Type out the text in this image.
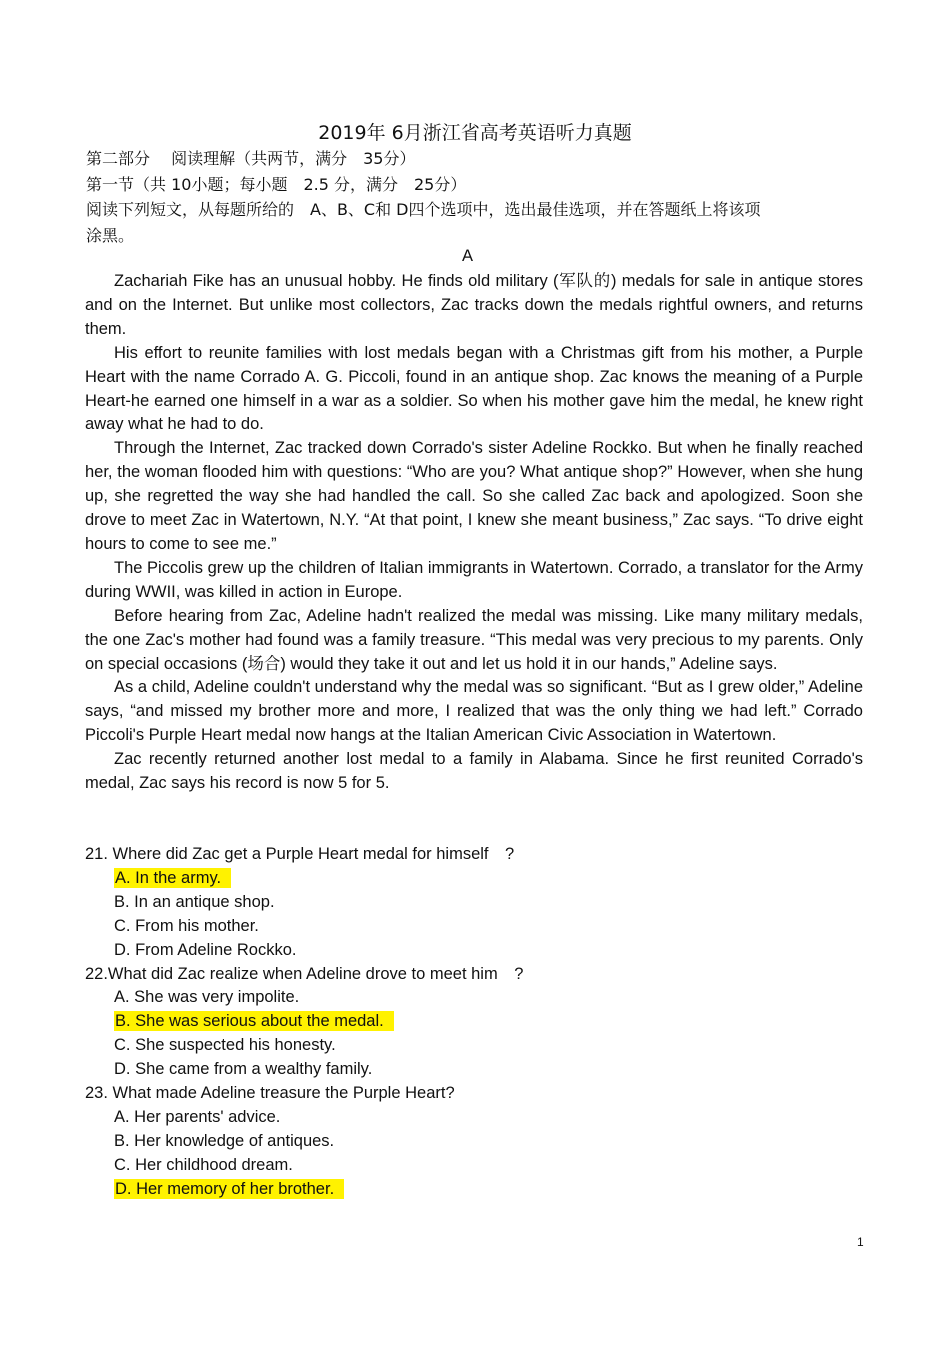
2019年 6月浙江省高考英语听力真题
第二部分　 阅读理解（共两节，满分　35分）
第一节（共 10小题；每小题　2.5 分，满分　25分）
阅读下列短文，从每题所给的　A、B、C和 D四个选项中，选出最佳选项，并在答题纸上将该项
涂黑。
A

Zachariah Fike has an unusual hobby. He finds old military (军队的) medals for sale in antique stores and on the Internet. But unlike most collectors, Zac tracks down the medals rightful owners, and returns them.

His effort to reunite families with lost medals began with a Christmas gift from his mother, a Purple Heart with the name Corrado A. G. Piccoli, found in an antique shop. Zac knows the meaning of a Purple Heart-he earned one himself in a war as a soldier. So when his mother gave him the medal, he knew right away what he had to do.

Through the Internet, Zac tracked down Corrado's sister Adeline Rockko. But when he finally reached her, the woman flooded him with questions: “Who are you? What antique shop?” However, when she hung up, she regretted the way she had handled the call. So she called Zac back and apologized. Soon she drove to meet Zac in Watertown, N.Y. “At that point, I knew she meant business,” Zac says. “To drive eight hours to come to see me.”

The Piccolis grew up the children of Italian immigrants in Watertown. Corrado, a translator for the Army during WWII, was killed in action in Europe.

Before hearing from Zac, Adeline hadn't realized the medal was missing. Like many military medals, the one Zac's mother had found was a family treasure. “This medal was very precious to my parents. Only on special occasions (场合) would they take it out and let us hold it in our hands,” Adeline says.

As a child, Adeline couldn't understand why the medal was so significant. “But as I grew older,” Adeline says, “and missed my brother more and more, I realized that was the only thing we had left.” Corrado Piccoli's Purple Heart medal now hangs at the Italian American Civic Association in Watertown.

Zac recently returned another lost medal to a family in Alabama. Since he first reunited Corrado's medal, Zac says his record is now 5 for 5.

21. Where did Zac get a Purple Heart medal for himself　?

A. In the army.

B. In an antique shop.

C. From his mother.

D. From Adeline Rockko.

22.What did Zac realize when Adeline drove to meet him　?

A. She was very impolite.

B. She was serious about the medal.

C. She suspected his honesty.

D. She came from a wealthy family.

23. What made Adeline treasure the Purple Heart?

A. Her parents' advice.

B. Her knowledge of antiques.

C. Her childhood dream.

D. Her memory of her brother.

1
